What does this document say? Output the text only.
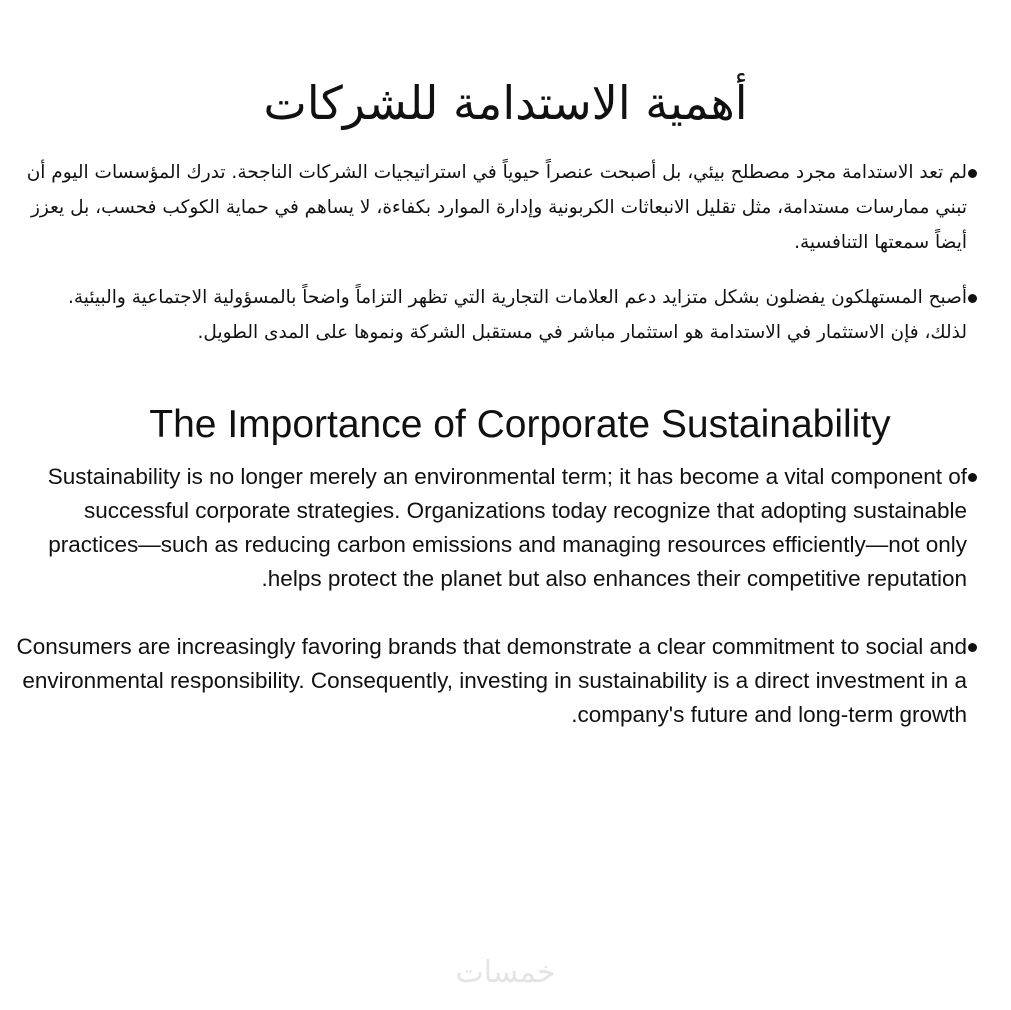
أهمية الاستدامة للشركات
لم تعد الاستدامة مجرد مصطلح بيئي، بل أصبحت عنصراً حيوياً في استراتيجيات الشركات الناجحة. تدرك المؤسسات اليوم أن تبني ممارسات مستدامة، مثل تقليل الانبعاثات الكربونية وإدارة الموارد بكفاءة، لا يساهم في حماية الكوكب فحسب، بل يعزز أيضاً سمعتها التنافسية.
أصبح المستهلكون يفضلون بشكل متزايد دعم العلامات التجارية التي تظهر التزاماً واضحاً بالمسؤولية الاجتماعية والبيئية. لذلك، فإن الاستثمار في الاستدامة هو استثمار مباشر في مستقبل الشركة ونموها على المدى الطويل.
The Importance of Corporate Sustainability
Sustainability is no longer merely an environmental term; it has become a vital component of successful corporate strategies. Organizations today recognize that adopting sustainable practices—such as reducing carbon emissions and managing resources efficiently—not only helps protect the planet but also enhances their competitive reputation.
Consumers are increasingly favoring brands that demonstrate a clear commitment to social and environmental responsibility. Consequently, investing in sustainability is a direct investment in a company's future and long-term growth.
خمسات
